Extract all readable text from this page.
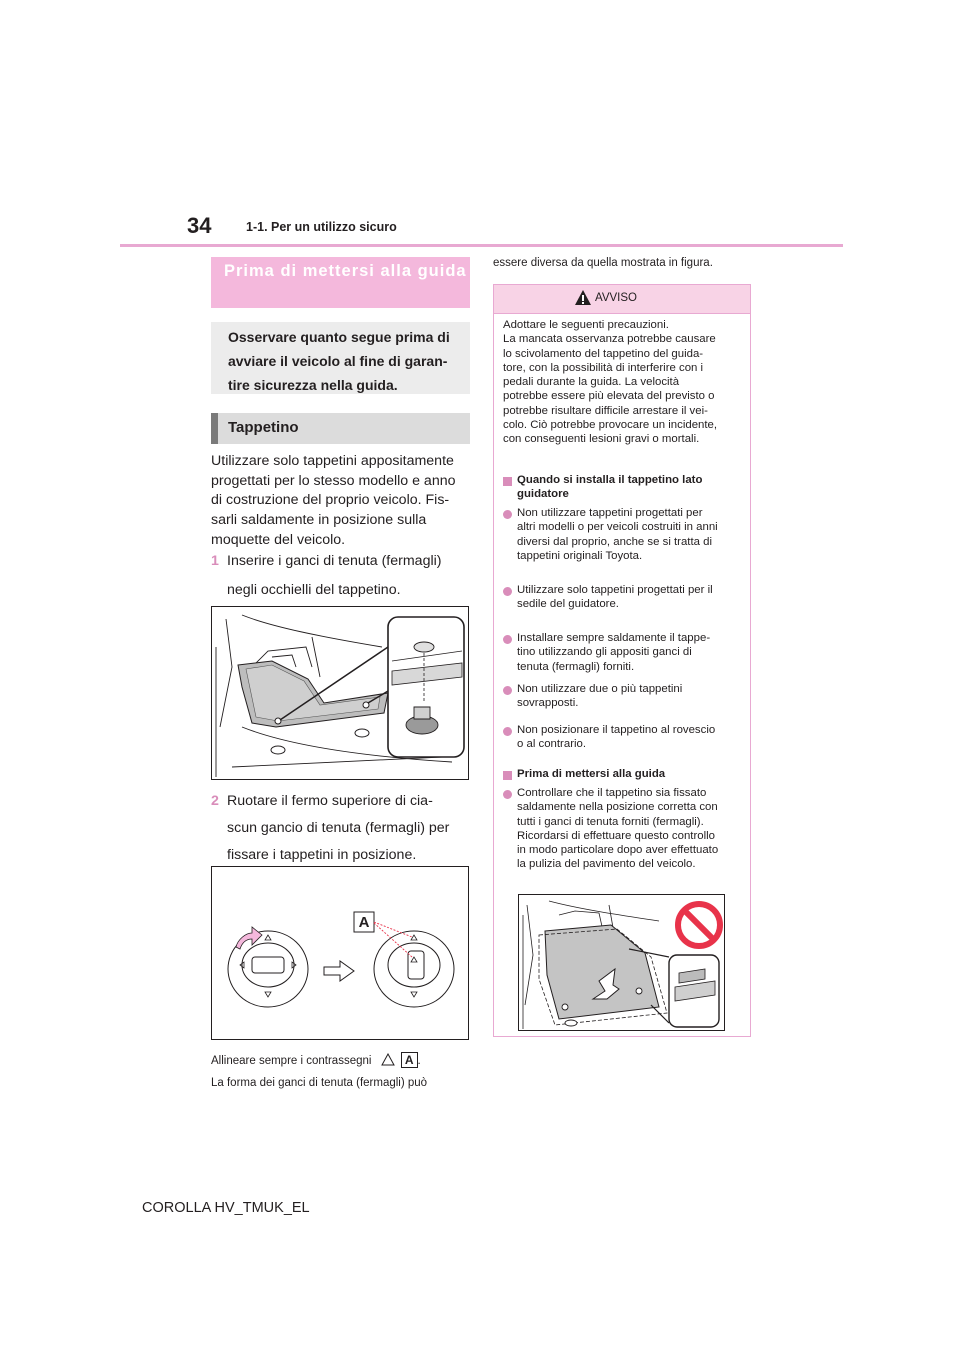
34	1-1. Per un utilizzo sicuro
Prima di mettersi alla guida
Osservare quanto segue prima di
avviare il veicolo al fine di garan-
tire sicurezza nella guida.
Tappetino
Utilizzare solo tappetini appositamente
progettati per lo stesso modello e anno
di costruzione del proprio veicolo. Fis-
sarli saldamente in posizione sulla
moquette del veicolo.
1 Inserire i ganci di tenuta (fermagli)
negli occhielli del tappetino.
2 Ruotare il fermo superiore di cia-
scun gancio di tenuta (fermagli) per
fissare i tappetini in posizione.
A
Allineare sempre i contrassegni	A .
La forma dei ganci di tenuta (fermagli) può
essere diversa da quella mostrata in figura.
AVVISO
Adottare le seguenti precauzioni.
La mancata osservanza potrebbe causare
lo scivolamento del tappetino del guida-
tore, con la possibilità di interferire con i
pedali durante la guida. La velocità
potrebbe essere più elevata del previsto o
potrebbe risultare difficile arrestare il vei-
colo. Ciò potrebbe provocare un incidente,
con conseguenti lesioni gravi o mortali.
Quando si installa il tappetino lato
guidatore
Non utilizzare tappetini progettati per
altri modelli o per veicoli costruiti in anni
diversi dal proprio, anche se si tratta di
tappetini originali Toyota.
Utilizzare solo tappetini progettati per il
sedile del guidatore.
Installare sempre saldamente il tappe-
tino utilizzando gli appositi ganci di
tenuta (fermagli) forniti.
Non utilizzare due o più tappetini
sovrapposti.
Non posizionare il tappetino al rovescio
o al contrario.
Prima di mettersi alla guida
Controllare che il tappetino sia fissato
saldamente nella posizione corretta con
tutti i ganci di tenuta forniti (fermagli).
Ricordarsi di effettuare questo controllo
in modo particolare dopo aver effettuato
la pulizia del pavimento del veicolo.
COROLLA HV_TMUK_EL
